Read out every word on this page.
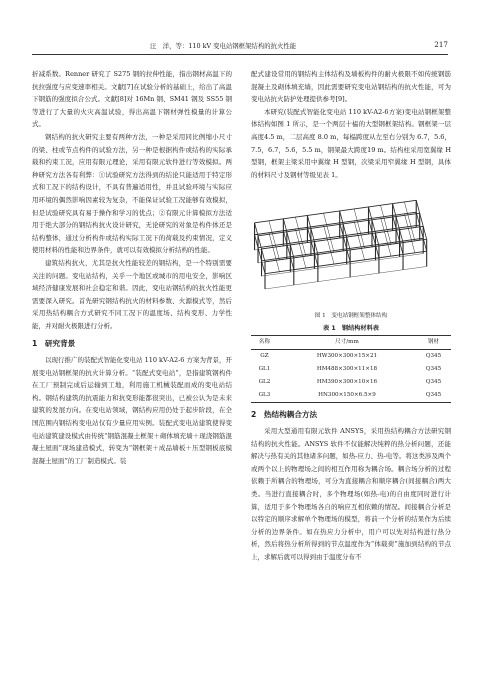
汪　洋，等：110 kV 变电站钢框架结构的抗火性能	217

折减系数。Renner 研究了 S275 钢的拉伸性能，指出钢材高温下的抗拉强度与应变速率相关。文献[7]在试验分析的基础上，给出了高温下钢筋的强度拟合公式。文献[8]对 16Mn 钢、SM41 钢及 SS55 钢等进行了大量的火灾高温试验，得出高温下钢材弹性模量的计算公式。

钢结构的抗火研究主要有两种方法，一种是采用同比例缩小尺寸的梁、柱或节点构件的试验方法，另一种是根据构件或结构的实际承载和约束工况，应用有限元理论，采用有限元软件进行等效模拟。两种研究方法各有利弊：①试验研究方法得到的结论只能适用于特定形式和工况下的结构设计，不具有普遍适用性，并且试验环境与实际应用环境的偶然影响因素较为复杂，不能保证试验工况能够有效模拟，但是试验研究具有易于操作和学习的优点；②有限元计算模拟方法适用于绝大部分的钢结构抗火设计研究，无论研究的对象是构件体还是结构整体，通过分析构件或结构实际工况下的荷载及约束情况，定义使用材料的性能和边界条件，就可以有效模拟分析结构的性能。

建筑结构抗火，尤其是抗火性能较差的钢结构，是一个特别需要关注的问题。变电站结构，关乎一个地区或城市的用电安全，影响区域经济健康发展和社会稳定和谐。因此，变电站钢结构的抗火性能更需要深入研究。首先研究钢结构抗火的材料参数、火源模式等，然后采用热结构耦合方式研究不同工况下的温度场、结构变形、力学性能，并对耐火极限进行分析。

1　研究背景

以现行推广的装配式智能化变电站 110 kV-A2-6 方案为背景，开展变电站钢框架的抗火计算分析。“装配式变电站”，是指建筑钢构件在工厂预制完成后运输到工地，利用施工机械装配而成的变电站结构。钢结构建筑的抗震能力和抗变形能都很突出，已被公认为是未来建筑的发展方向。在变电站领域，钢结构应用仍处于起步阶段，在全国范围内钢结构变电站仅有少量应用实例。装配式变电站建筑使得变电站建筑建设模式由传统“钢筋混凝土框架＋砌体填充墙＋现浇钢筋混凝土屋面”现场建造模式，转变为“钢框架＋成品墙板＋压型钢板底模混凝土屋面”的工厂制造模式。装

配式建设常用的钢结构主体结构及墙板构件的耐火极限不如传统钢筋混凝土及砌体填充墙，因此需要研究变电站钢结构的抗火性能，可为变电站抗火防护处理提供参考[9]。

本研究(装配式智能化变电站 110 kV-A2-6方案)变电站钢框架整体结构如图 1 所示，是一个两层十榀的大型钢框架结构。钢框架一层高度4.5 m，二层高度 8.0 m，每榀跨度从左至右分别为 6.7，5.6，7.5，6.7，5.6，5.5 m，钢架最大跨度19 m。结构柱采用宽翼缘 H 型钢，框架主梁采用中翼缘 H 型钢，次梁采用窄翼缘 H 型钢，具体的材料尺寸及钢材等级见表 1。

图 1　变电站钢框架整体结构
表 1　钢结构材料表
名称	尺寸/mm	钢材
GZ	HW300×300×15×21	Q345
GL1	HM488×300×11×18	Q345
GL2	HM390×300×10×16	Q345
GL3	HN300×150×6.5×9	Q345
2　热结构耦合方法

采用大型通用有限元软件 ANSYS，采用热结构耦合方法研究钢结构的抗火性能。ANSYS 软件不仅能解决纯粹的热分析问题，还能解决与热有关的其他诸多问题，如热-应力、热-电等。将这类涉及两个或两个以上的物理场之间的相互作用称为耦合场。耦合场分析的过程依赖于所耦合的物理场，可分为直接耦合和顺序耦合(间接耦合)两大类。当进行直接耦合时，多个物理场(如热-电)的自由度同时进行计算，适用于多个物理场各自的响应互相依赖的情况。间接耦合分析是以特定的顺序求解单个物理场的模型，将前一个分析的结果作为后续分析的边界条件。如在热应力分析中，用户可以先对结构进行热分析，然后将热分析所得到的节点温度作为“体载荷”施加到结构的节点上，求解后就可以得到由于温度分布不
